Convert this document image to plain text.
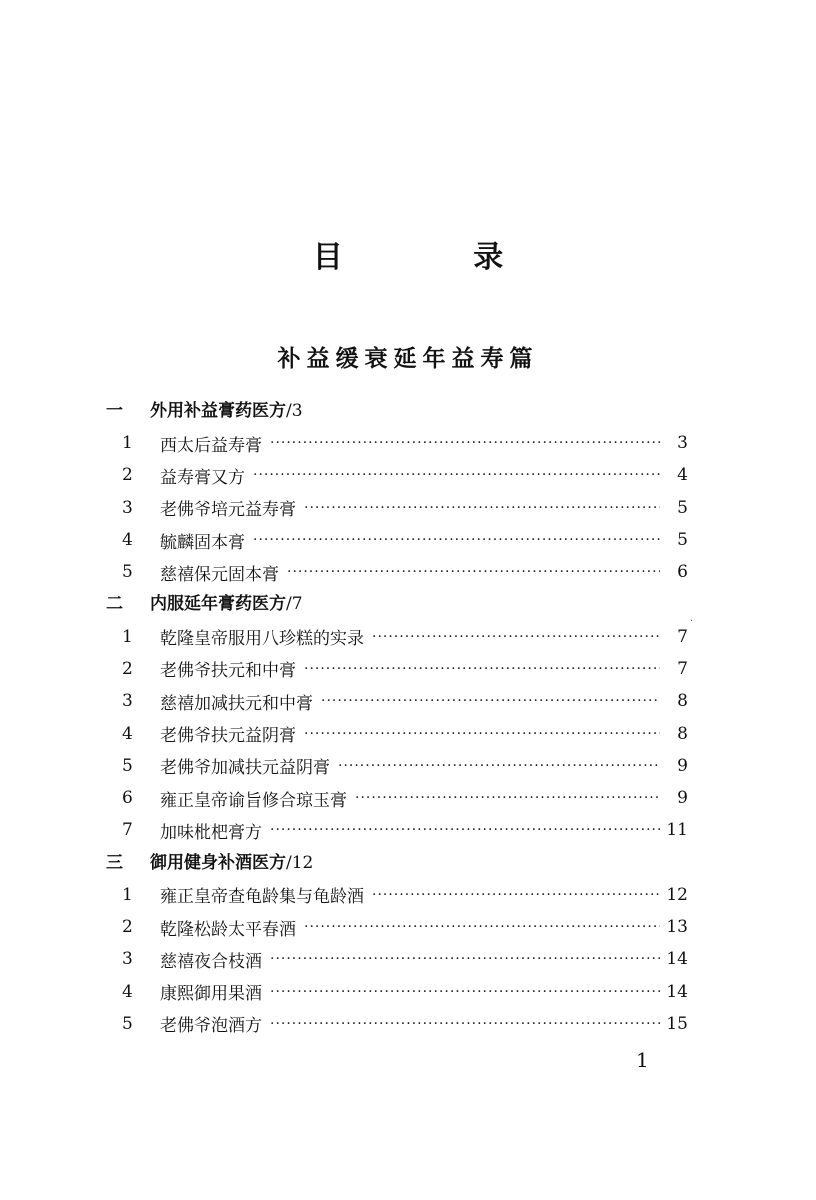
目 录
补益缓衰延年益寿篇
一	外用补益膏药医方 /3
1	西太后益寿膏 ·····	3
2	益寿膏又方 ·····	4
3	老佛爷培元益寿膏 ·····	5
4	毓麟固本膏 ·····	5
5	慈禧保元固本膏 ·····	6
二	内服延年膏药医方 /7
1	乾隆皇帝服用八珍糕的实录 ·····	7
2	老佛爷扶元和中膏 ·····	7
3	慈禧加减扶元和中膏 ·····	8
4	老佛爷扶元益阴膏 ·····	8
5	老佛爷加减扶元益阴膏 ·····	9
6	雍正皇帝谕旨修合琼玉膏 ·····	9
7	加味枇杷膏方 ·····	11
三	御用健身补酒医方 /12
1	雍正皇帝查龟龄集与龟龄酒 ·····	12
2	乾隆松龄太平春酒 ·····	13
3	慈禧夜合枝酒 ·····	14
4	康熙御用果酒 ·····	14
5	老佛爷泡酒方 ·····	15
·
1
